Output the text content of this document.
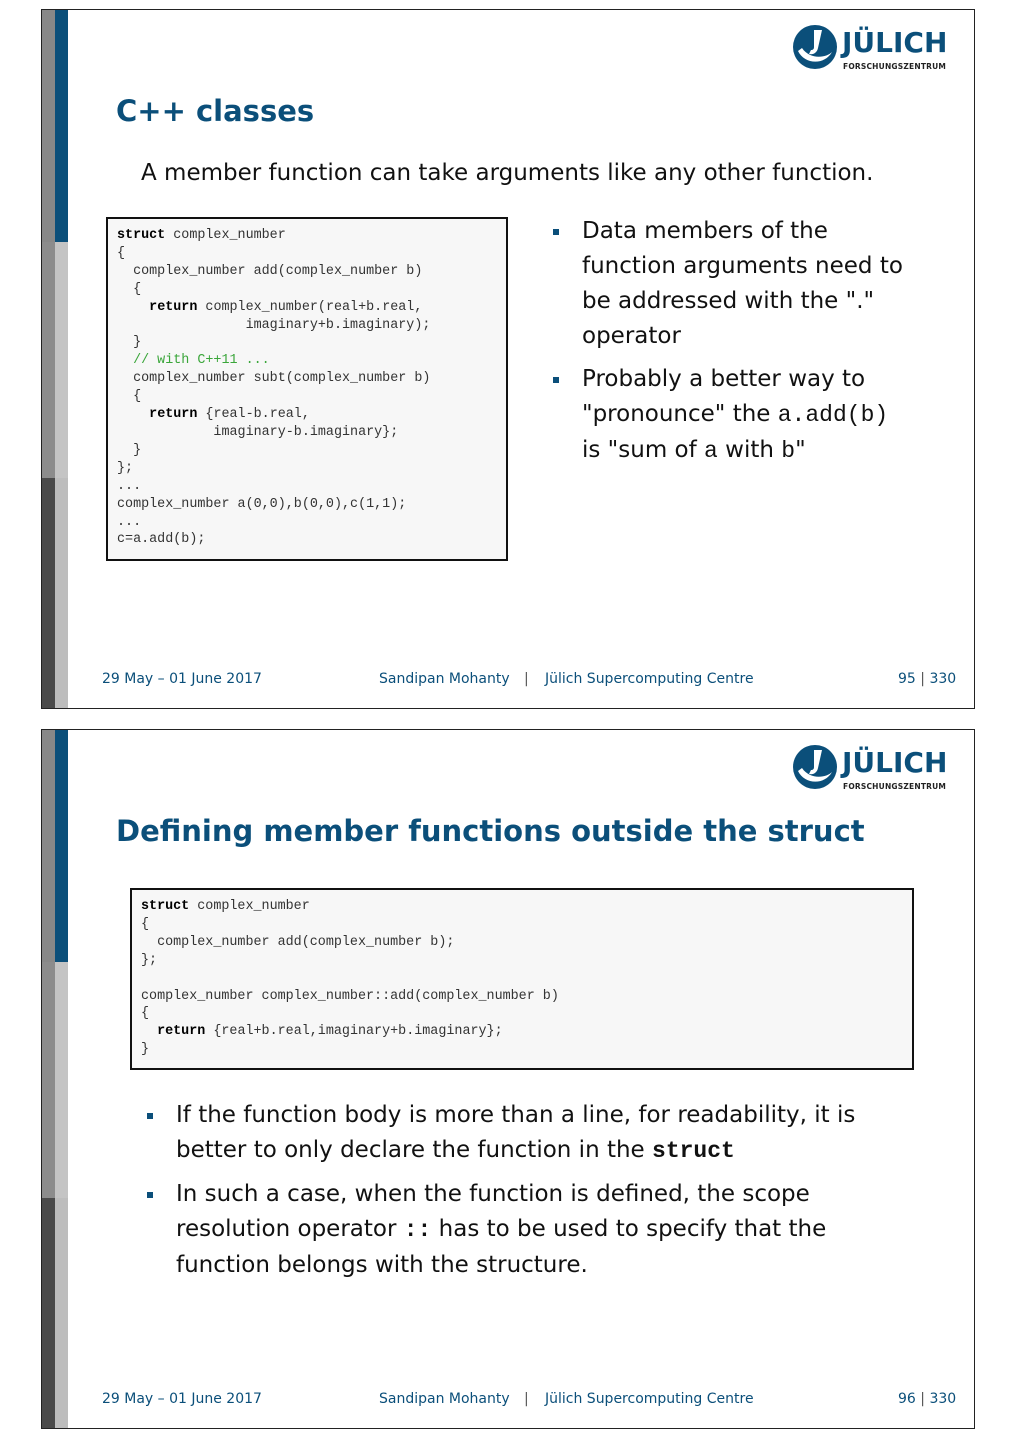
JÜLICH
FORSCHUNGSZENTRUM
C++ classes
A member function can take arguments like any other function.
struct complex_number
{
complex_number add(complex_number b)
{
return complex_number(real+b.real,
imaginary+b.imaginary);
}
// with C++11 ...
complex_number subt(complex_number b)
{
return {real-b.real,
imaginary-b.imaginary};
}
};
...
complex_number a(0,0),b(0,0),c(1,1);
...
c=a.add(b);
Data members of the
function arguments need to
be addressed with the "."
operator
Probably a better way to
"pronounce" the a.add(b)
is "sum of a with b"
29 May – 01 June 2017	Sandipan Mohanty | Jülich Supercomputing Centre	95 | 330
JÜLICH
FORSCHUNGSZENTRUM
Defining member functions outside the struct
struct complex_number
{
complex_number add(complex_number b);
};

complex_number complex_number::add(complex_number b)
{
return {real+b.real,imaginary+b.imaginary};
}
If the function body is more than a line, for readability, it is
better to only declare the function in the struct
In such a case, when the function is defined, the scope
resolution operator :: has to be used to specify that the
function belongs with the structure.
29 May – 01 June 2017	Sandipan Mohanty | Jülich Supercomputing Centre	96 | 330
